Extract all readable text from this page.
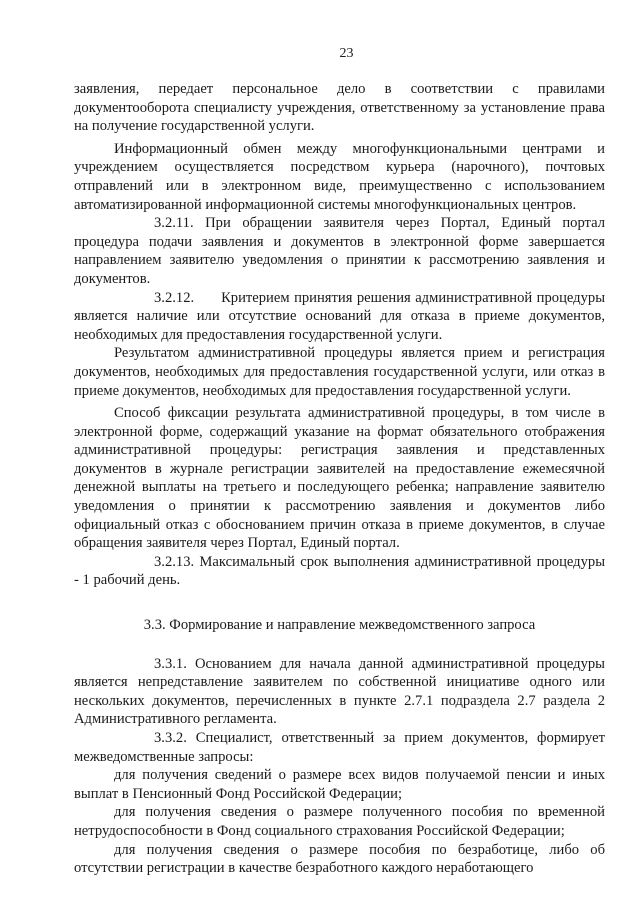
23

заявления, передает персональное дело в соответствии с правилами документооборота специалисту учреждения, ответственному за установление права на получение государственной услуги.

Информационный обмен между многофункциональными центрами и учреждением осуществляется посредством курьера (нарочного), почтовых отправлений или в электронном виде, преимущественно с использованием автоматизированной информационной системы многофункциональных центров.

3.2.11. При обращении заявителя через Портал, Единый портал процедура подачи заявления и документов в электронной форме завершается направлением заявителю уведомления о принятии к рассмотрению заявления и документов.

3.2.12. Критерием принятия решения административной процедуры является наличие или отсутствие оснований для отказа в приеме документов, необходимых для предоставления государственной услуги.

Результатом административной процедуры является прием и регистрация документов, необходимых для предоставления государственной услуги, или отказ в приеме документов, необходимых для предоставления государственной услуги.

Способ фиксации результата административной процедуры, в том числе в электронной форме, содержащий указание на формат обязательного отображения административной процедуры: регистрация заявления и представленных документов в журнале регистрации заявителей на предоставление ежемесячной денежной выплаты на третьего и последующего ребенка; направление заявителю уведомления о принятии к рассмотрению заявления и документов либо официальный отказ с обоснованием причин отказа в приеме документов, в случае обращения заявителя через Портал, Единый портал.

3.2.13. Максимальный срок выполнения административной процедуры - 1 рабочий день.

3.3. Формирование и направление межведомственного запроса

3.3.1. Основанием для начала данной административной процедуры является непредставление заявителем по собственной инициативе одного или нескольких документов, перечисленных в пункте 2.7.1 подраздела 2.7 раздела 2 Административного регламента.

3.3.2. Специалист, ответственный за прием документов, формирует межведомственные запросы:

для получения сведений о размере всех видов получаемой пенсии и иных выплат в Пенсионный Фонд Российской Федерации;

для получения сведения о размере полученного пособия по временной нетрудоспособности в Фонд социального страхования Российской Федерации;

для получения сведения о размере пособия по безработице, либо об отсутствии регистрации в качестве безработного каждого неработающего
